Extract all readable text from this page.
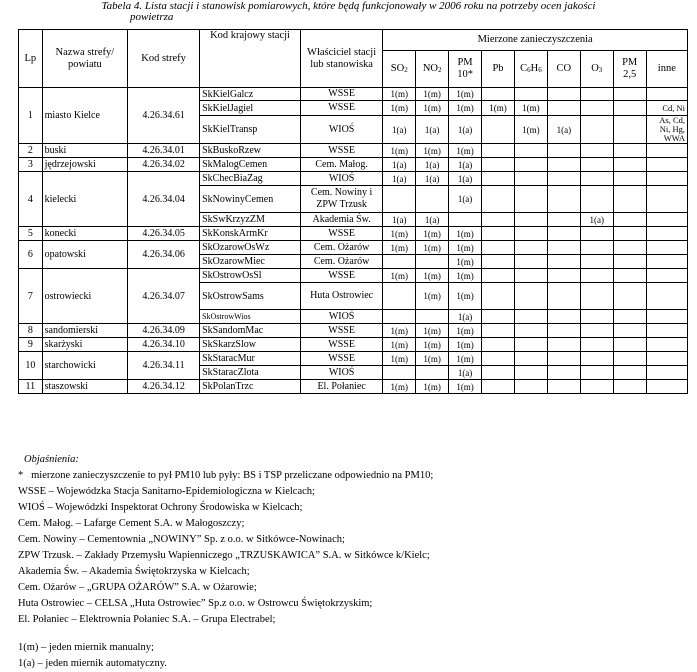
Tabela 4. Lista stacji i stanowisk pomiarowych, które będą funkcjonowały w 2006 roku na potrzeby ocen jakości
powietrza
Lp	Nazwa strefy/ powiatu	Kod strefy	Kod krajowy stacji	Właściciel stacji lub stanowiska	Mierzone zanieczyszczenia								
					$SO_2$	$NO_2$	PM 10*	Pb	$C_6H_6$	CO	$O_3$	PM 2,5	inne
1	miasto Kielce	4.26.34.61	SkKielGalcz	WSSE	1(m)	1(m)	1(m)						
			SkKielJagiel	WSSE	1(m)	1(m)	1(m)	1(m)	1(m)				Cd, Ni
			SkKielTransp	WIOŚ	1(a)	1(a)	1(a)		1(m)	1(a)			As, Cd, Ni, Hg, WWA
2	buski	4.26.34.01	SkBuskoRzew	WSSE	1(m)	1(m)	1(m)						
3	jędrzejowski	4.26.34.02	SkMalogCemen	Cem. Małog.	1(a)	1(a)	1(a)						
4	kielecki	4.26.34.04	SkChecBiaZag	WIOŚ	1(a)	1(a)	1(a)						
			SkNowinyCemen	Cem. Nowiny i ZPW Trzusk			1(a)						
			SkSwKrzyzZM	Akademia Św.	1(a)	1(a)					1(a)		
5	konecki	4.26.34.05	SkKonskArmKr	WSSE	1(m)	1(m)	1(m)						
6	opatowski	4.26.34.06	SkOzarowOsWz	Cem. Ożarów	1(m)	1(m)	1(m)						
			SkOzarowMiec	Cem. Ożarów			1(m)						
7	ostrowiecki	4.26.34.07	SkOstrowOsSl	WSSE	1(m)	1(m)	1(m)						
			SkOstrowSams	Huta Ostrowiec		1(m)	1(m)						
			SkOstrowWios	WIOŚ			1(a)						
8	sandomierski	4.26.34.09	SkSandomMac	WSSE	1(m)	1(m)	1(m)						
9	skarżyski	4.26.34.10	SkSkarzSlow	WSSE	1(m)	1(m)	1(m)						
10	starchowicki	4.26.34.11	SkStaracMur	WSSE	1(m)	1(m)	1(m)						
			SkStaracZlota	WIOŚ			1(a)						
11	staszowski	4.26.34.12	SkPolanTrzc	El. Połaniec	1(m)	1(m)	1(m)						
Objaśnienia:
*   mierzone zanieczyszczenie to pył PM10 lub pyły: BS i TSP przeliczane odpowiednio na PM10;
WSSE – Wojewódzka Stacja Sanitarno-Epidemiologiczna w Kielcach;
WIOŚ – Wojewódzki Inspektorat Ochrony Środowiska w Kielcach;
Cem. Małog. – Lafarge Cement S.A. w Małogoszczy;
Cem. Nowiny – Cementownia „NOWINY” Sp. z o.o. w Sitkówce-Nowinach;
ZPW Trzusk. – Zakłady Przemysłu Wapienniczego „TRZUSKAWICA” S.A. w Sitkówce k/Kielc;
Akademia Św. – Akademia Świętokrzyska w Kielcach;
Cem. Ożarów – „GRUPA OŻARÓW” S.A. w Ożarowie;
Huta Ostrowiec – CELSA „Huta Ostrowiec” Sp.z o.o. w Ostrowcu Świętokrzyskim;
El. Połaniec – Elektrownia Połaniec S.A. – Grupa Electrabel;
1(m) – jeden miernik manualny;
1(a) – jeden miernik automatyczny.
